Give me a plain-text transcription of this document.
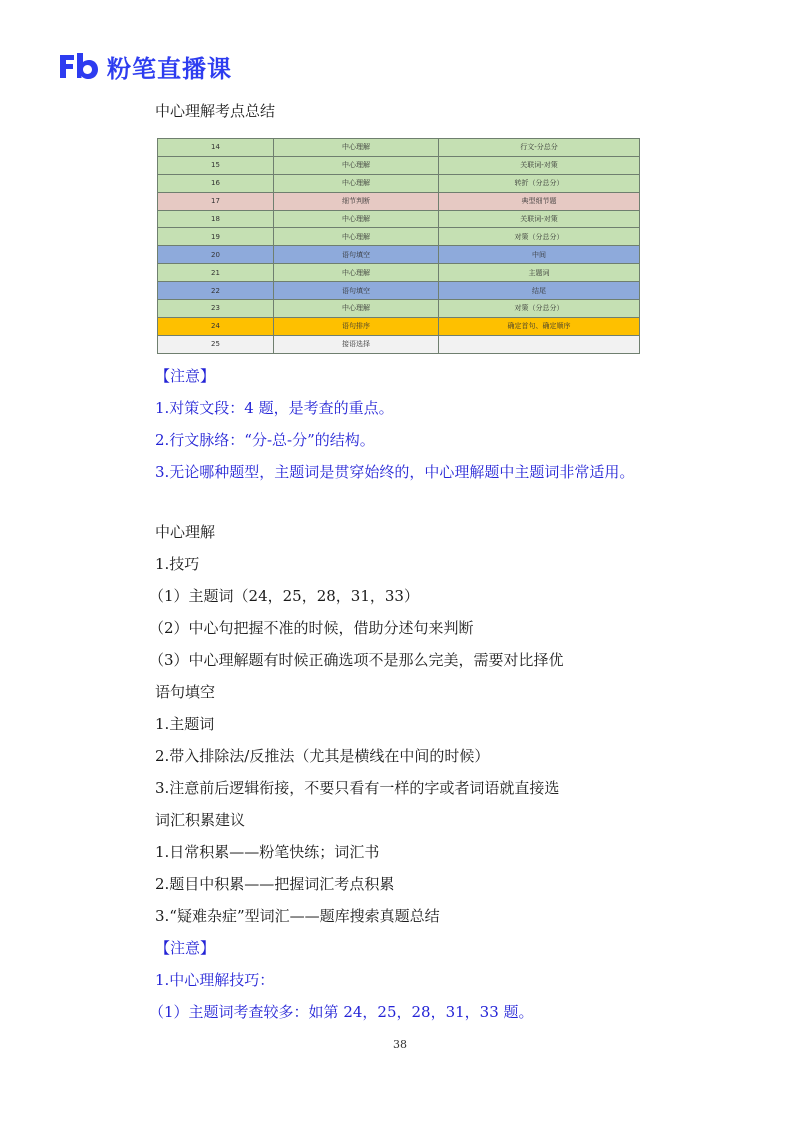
粉笔直播课
中心理解考点总结
14	中心理解	行文-分总分
15	中心理解	关联词-对策
16	中心理解	转折（分总分）
17	细节判断	典型细节题
18	中心理解	关联词-对策
19	中心理解	对策（分总分）
20	语句填空	中间
21	中心理解	主题词
22	语句填空	结尾
23	中心理解	对策（分总分）
24	语句排序	确定首句、确定顺序
25	接语选择	
【注意】
1.对策文段：4 题，是考查的重点。
2.行文脉络：“分-总-分”的结构。
3.无论哪种题型，主题词是贯穿始终的，中心理解题中主题词非常适用。
中心理解
1.技巧
（1）主题词（24，25，28，31，33）
（2）中心句把握不准的时候，借助分述句来判断
（3）中心理解题有时候正确选项不是那么完美，需要对比择优
语句填空
1.主题词
2.带入排除法/反推法（尤其是横线在中间的时候）
3.注意前后逻辑衔接，不要只看有一样的字或者词语就直接选
词汇积累建议
1.日常积累——粉笔快练；词汇书
2.题目中积累——把握词汇考点积累
3.“疑难杂症”型词汇——题库搜索真题总结
【注意】
1.中心理解技巧：
（1）主题词考查较多：如第 24，25，28，31，33 题。
38
